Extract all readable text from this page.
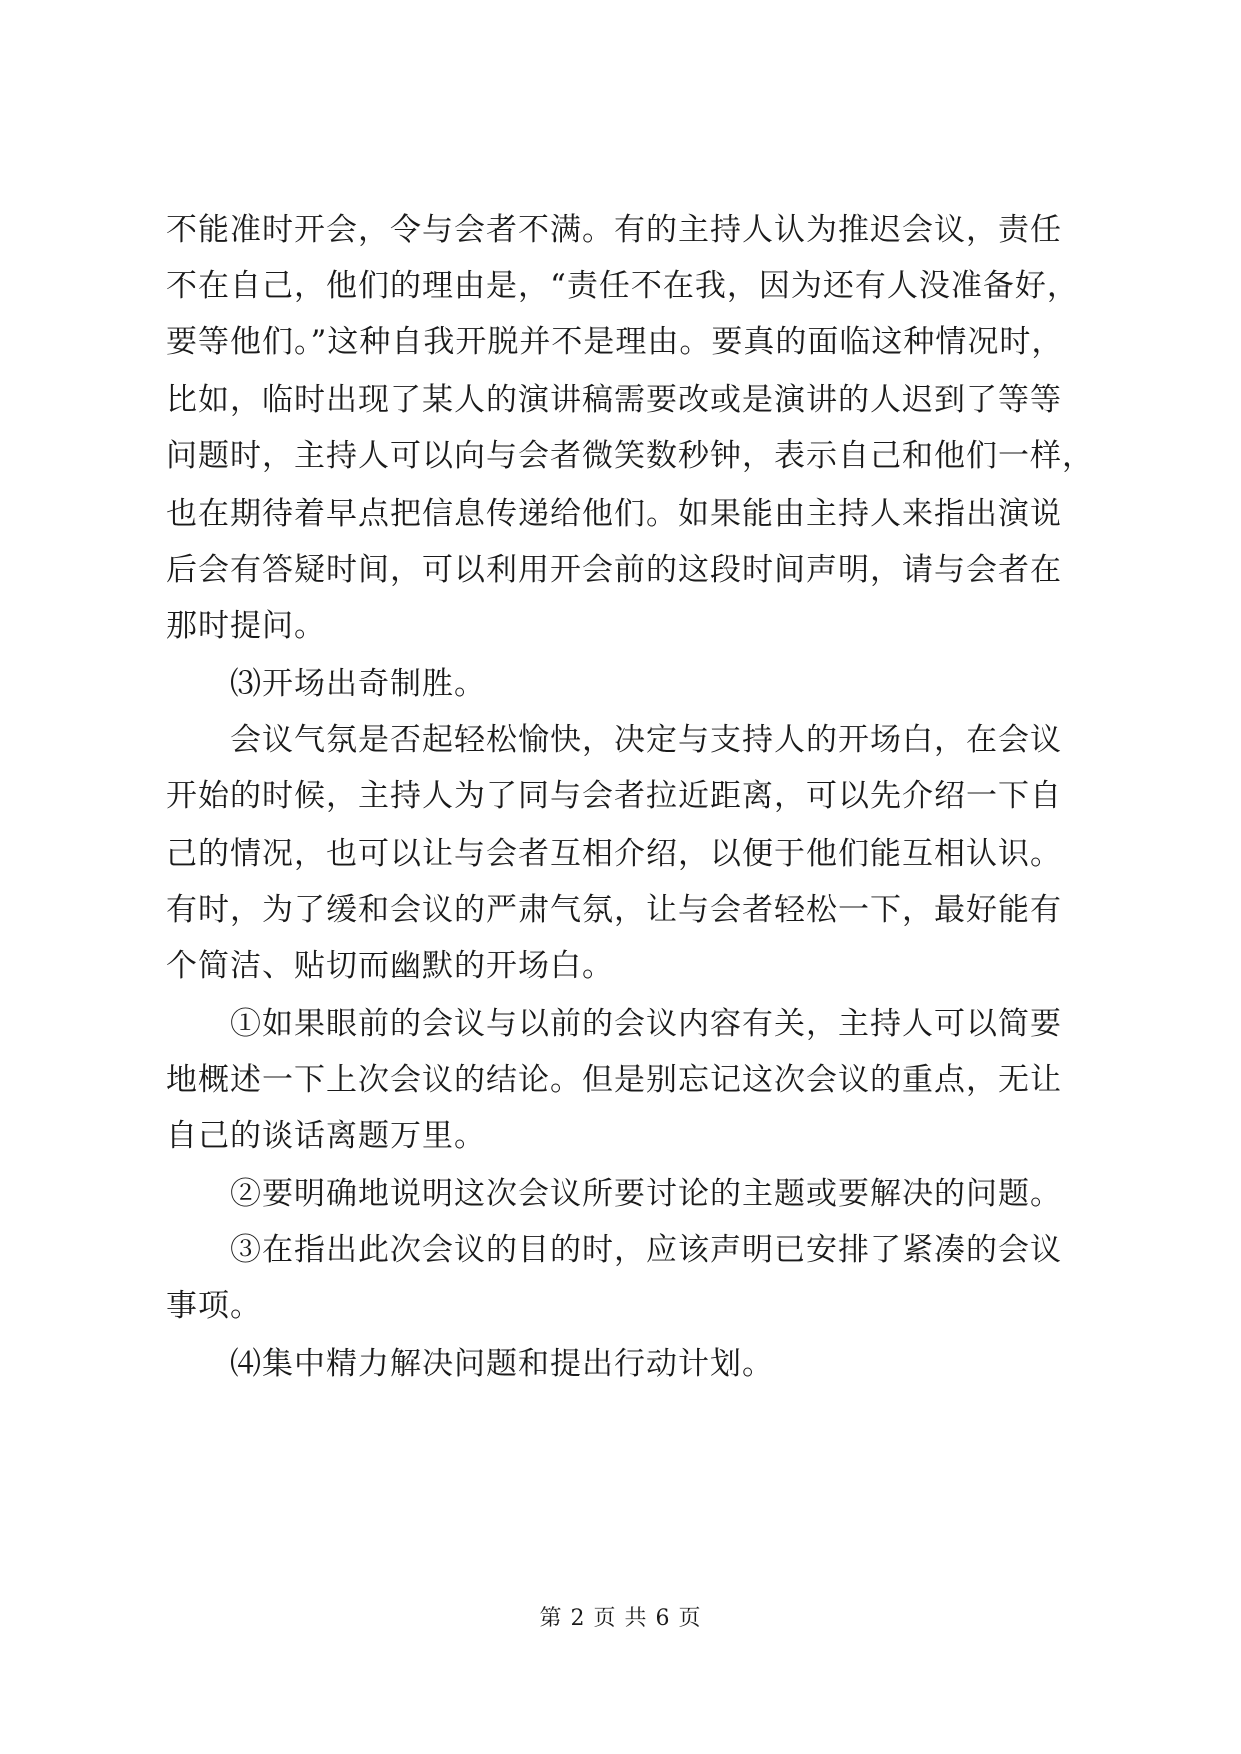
不能准时开会，令与会者不满。有的主持人认为推迟会议，责任
不在自己，他们的理由是，“责任不在我，因为还有人没准备好，
要等他们。”这种自我开脱并不是理由。要真的面临这种情况时，
比如，临时出现了某人的演讲稿需要改或是演讲的人迟到了等等
问题时，主持人可以向与会者微笑数秒钟，表示自己和他们一样，
也在期待着早点把信息传递给他们。如果能由主持人来指出演说
后会有答疑时间，可以利用开会前的这段时间声明，请与会者在
那时提问。
⑶开场出奇制胜。
会议气氛是否起轻松愉快，决定与支持人的开场白，在会议
开始的时候，主持人为了同与会者拉近距离，可以先介绍一下自
己的情况，也可以让与会者互相介绍，以便于他们能互相认识。
有时，为了缓和会议的严肃气氛，让与会者轻松一下，最好能有
个简洁、贴切而幽默的开场白。
①如果眼前的会议与以前的会议内容有关，主持人可以简要
地概述一下上次会议的结论。但是别忘记这次会议的重点，无让
自己的谈话离题万里。
②要明确地说明这次会议所要讨论的主题或要解决的问题。
③在指出此次会议的目的时，应该声明已安排了紧凑的会议
事项。
⑷集中精力解决问题和提出行动计划。
第 2 页 共 6 页
